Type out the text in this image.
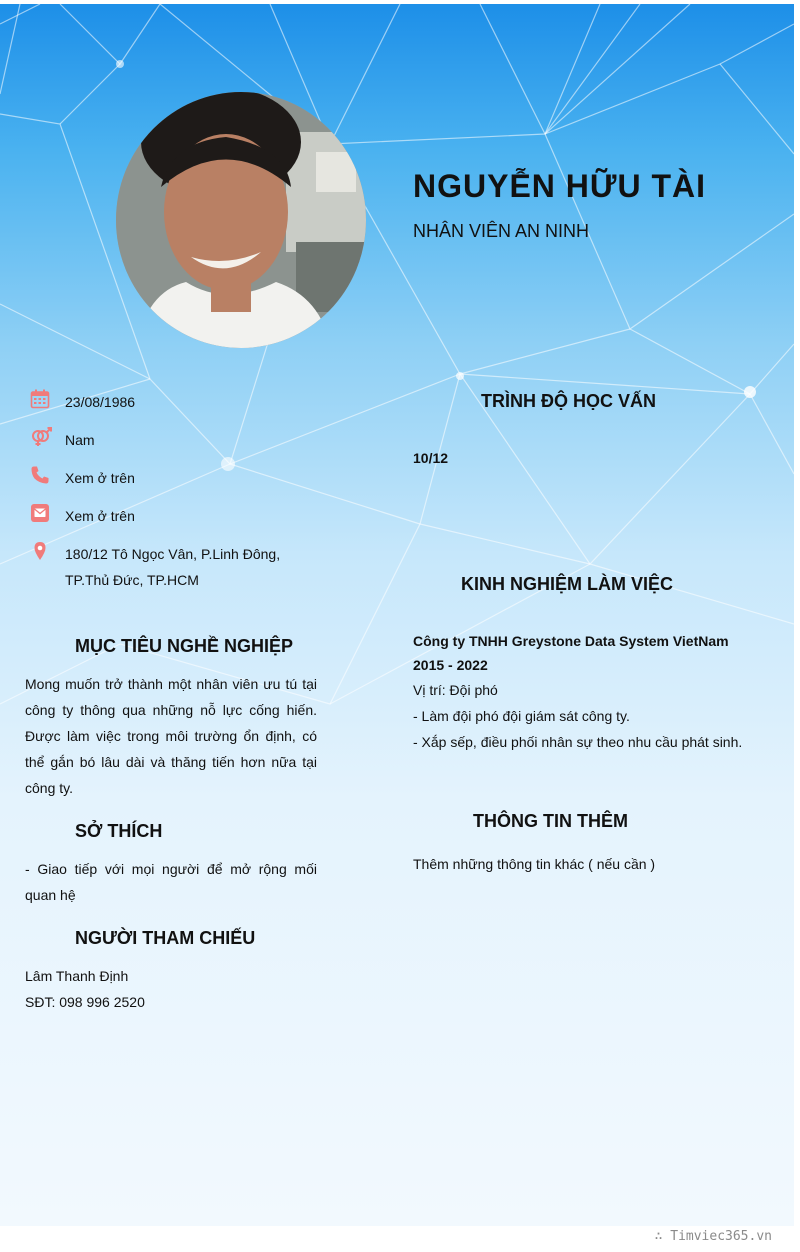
NGUYỄN HỮU TÀI
NHÂN VIÊN AN NINH
23/08/1986
Nam
Xem ở trên
Xem ở trên
180/12 Tô Ngọc Vân, P.Linh Đông,
TP.Thủ Đức, TP.HCM
MỤC TIÊU NGHỀ NGHIỆP
Mong muốn trở thành một nhân viên ưu tú tại công ty thông qua những nỗ lực cống hiến. Được làm việc trong môi trường ổn định, có thể gắn bó lâu dài và thăng tiến hơn nữa tại công ty.
SỞ THÍCH
- Giao tiếp với mọi người để mở rộng mối quan hệ
NGƯỜI THAM CHIẾU
Lâm Thanh Định
SĐT: 098 996 2520
TRÌNH ĐỘ HỌC VẤN
10/12
KINH NGHIỆM LÀM VIỆC
Công ty TNHH Greystone Data System VietNam
2015 - 2022
Vị trí: Đội phó
- Làm đội phó đội giám sát công ty.
- Xắp sếp, điều phối nhân sự theo nhu cầu phát sinh.
THÔNG TIN THÊM
Thêm những thông tin khác ( nếu cần )
∴ Timviec365.vn
